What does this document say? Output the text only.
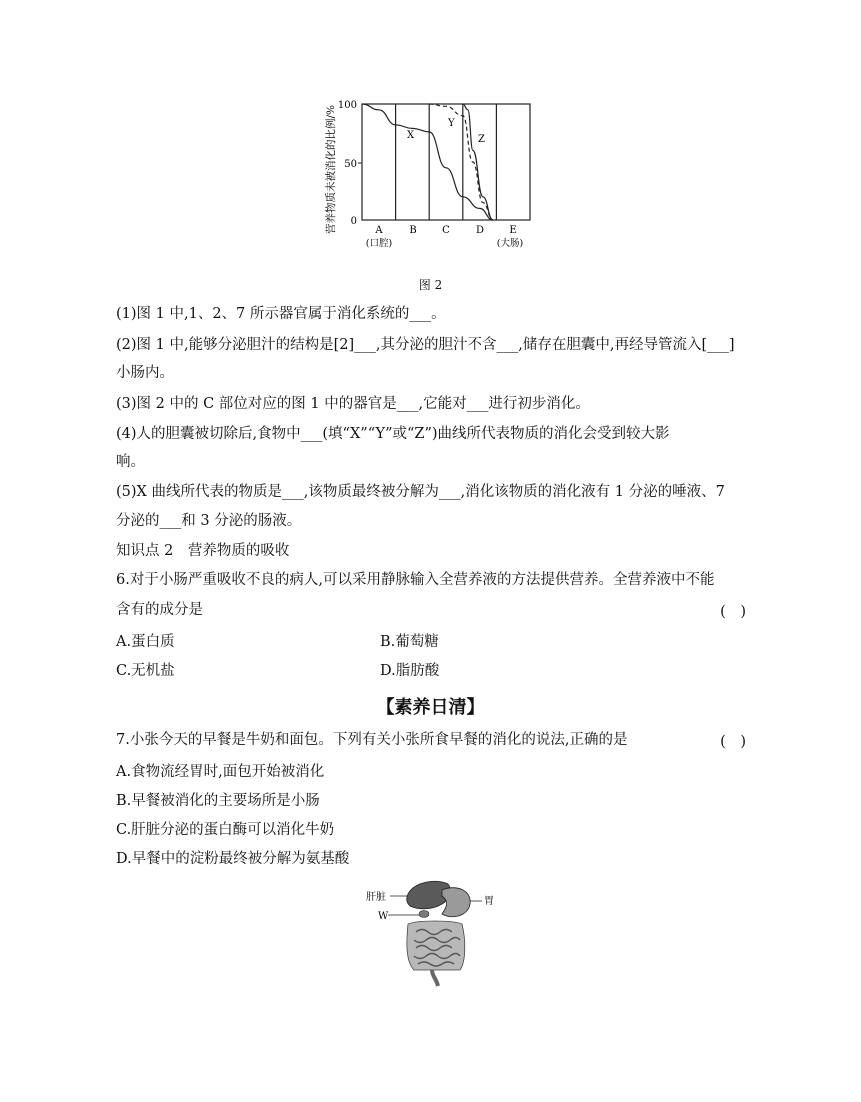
营养物质未被消化的比例/% 100
50
0
X
Y
Z
A	B	C	D	E
(口腔)	(大肠)
图 2
(1)图 1 中,1、2、7 所示器官属于消化系统的___。
(2)图 1 中,能够分泌胆汁的结构是[2]___,其分泌的胆汁不含___,储存在胆囊中,再经导管流入[___]
小肠内。
(3)图 2 中的 C 部位对应的图 1 中的器官是___,它能对___进行初步消化。
(4)人的胆囊被切除后,食物中___(填“X”“Y”或“Z”)曲线所代表物质的消化会受到较大影
响。
(5)X 曲线所代表的物质是___,该物质最终被分解为___,消化该物质的消化液有 1 分泌的唾液、7
分泌的___和 3 分泌的肠液。
知识点 2　营养物质的吸收
6.对于小肠严重吸收不良的病人,可以采用静脉输入全营养液的方法提供营养。全营养液中不能
含有的成分是	(　)
A.蛋白质	B.葡萄糖
C.无机盐	D.脂肪酸
【素养日清】
7.小张今天的早餐是牛奶和面包。下列有关小张所食早餐的消化的说法,正确的是	(　)
A.食物流经胃时,面包开始被消化
B.早餐被消化的主要场所是小肠
C.肝脏分泌的蛋白酶可以消化牛奶
D.早餐中的淀粉最终被分解为氨基酸
肝脏
W
胃
